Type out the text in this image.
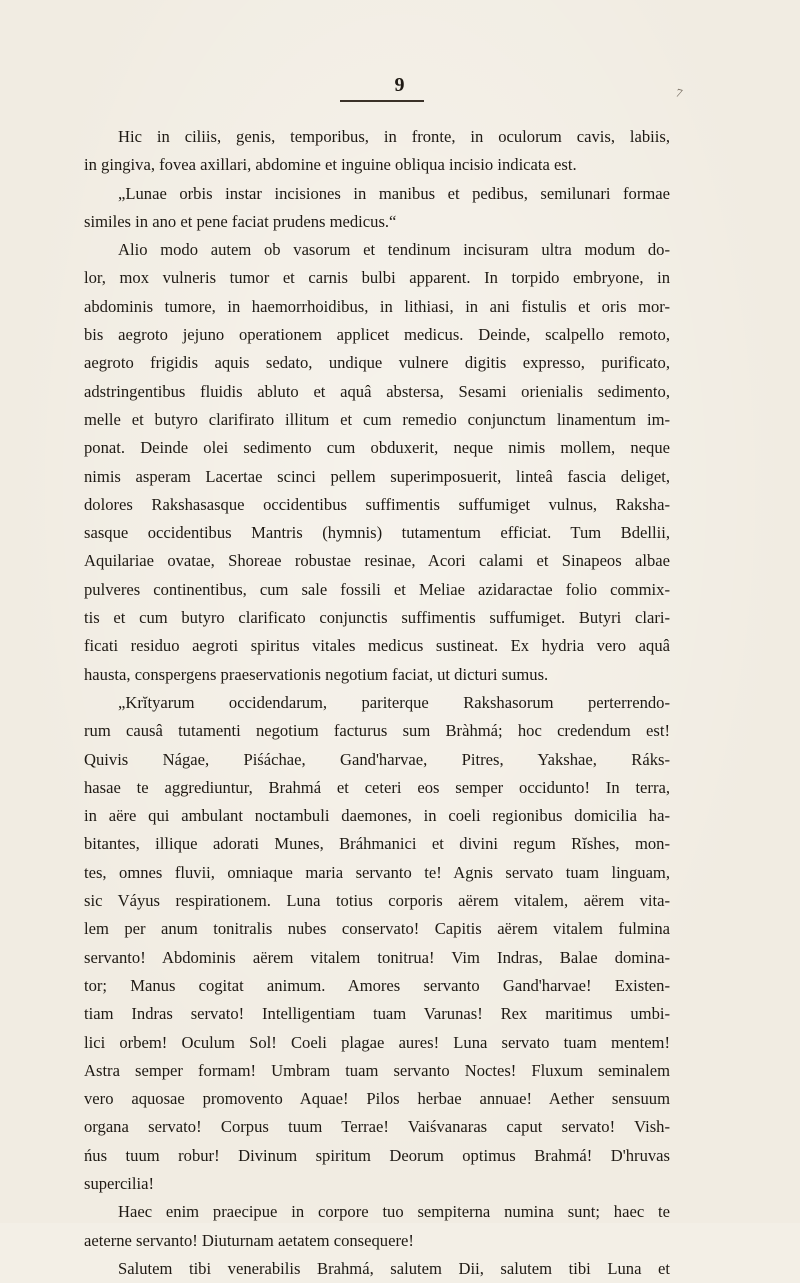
9	7
Hic in ciliis, genis, temporibus, in fronte, in oculorum cavis, labiis,
in gingiva, fovea axillari, abdomine et inguine obliqua incisio indicata est.
„Lunae orbis instar incisiones in manibus et pedibus, semilunari formae
similes in ano et pene faciat prudens medicus.“
Alio modo autem ob vasorum et tendinum incisuram ultra modum do-
lor, mox vulneris tumor et carnis bulbi apparent. In torpido embryone, in
abdominis tumore, in haemorrhoidibus, in lithiasi, in ani fistulis et oris mor-
bis aegroto jejuno operationem applicet medicus. Deinde, scalpello remoto,
aegroto frigidis aquis sedato, undique vulnere digitis expresso, purificato,
adstringentibus fluidis abluto et aquâ abstersa, Sesami orienialis sedimento,
melle et butyro clarifirato illitum et cum remedio conjunctum linamentum im-
ponat. Deinde olei sedimento cum obduxerit, neque nimis mollem, neque
nimis asperam Lacertae scinci pellem superimposuerit, linteâ fascia deliget,
dolores Rakshasasque occidentibus suffimentis suffumiget vulnus, Raksha-
sasque occidentibus Mantris (hymnis) tutamentum efficiat. Tum Bdellii,
Aquilariae ovatae, Shoreae robustae resinae, Acori calami et Sinapeos albae
pulveres continentibus, cum sale fossili et Meliae azidaractae folio commix-
tis et cum butyro clarificato conjunctis suffimentis suffumiget. Butyri clari-
ficati residuo aegroti spiritus vitales medicus sustineat. Ex hydria vero aquâ
hausta, conspergens praeservationis negotium faciat, ut dicturi sumus.
„Krĭtyarum occidendarum, pariterque Rakshasorum perterrendo-
rum causâ tutamenti negotium facturus sum Bràhmá; hoc credendum est!
Quivis Nágae, Piśáchae, Gand'harvae, Pitres, Yakshae, Ráks-
hasae te aggrediuntur, Brahmá et ceteri eos semper occidunto! In terra,
in aëre qui ambulant noctambuli daemones, in coeli regionibus domicilia ha-
bitantes, illique adorati Munes, Bráhmanici et divini regum Rĭshes, mon-
tes, omnes fluvii, omniaque maria servanto te! Agnis servato tuam linguam,
sic Váyus respirationem. Luna totius corporis aërem vitalem, aërem vita-
lem per anum tonitralis nubes conservato! Capitis aërem vitalem fulmina
servanto! Abdominis aërem vitalem tonitrua! Vim Indras, Balae domina-
tor; Manus cogitat animum. Amores servanto Gand'harvae! Existen-
tiam Indras servato! Intelligentiam tuam Varunas! Rex maritimus umbi-
lici orbem! Oculum Sol! Coeli plagae aures! Luna servato tuam mentem!
Astra semper formam! Umbram tuam servanto Noctes! Fluxum seminalem
vero aquosae promovento Aquae! Pilos herbae annuae! Aether sensuum
organa servato! Corpus tuum Terrae! Vaiśvanaras caput servato! Vish-
ńus tuum robur! Divinum spiritum Deorum optimus Brahmá! D'hruvas
supercilia!
Haec enim praecipue in corpore tuo sempiterna numina sunt; haec te
aeterne servanto! Diuturnam aetatem consequere!
Salutem tibi venerabilis Brahmá, salutem Dii, salutem tibi Luna et
